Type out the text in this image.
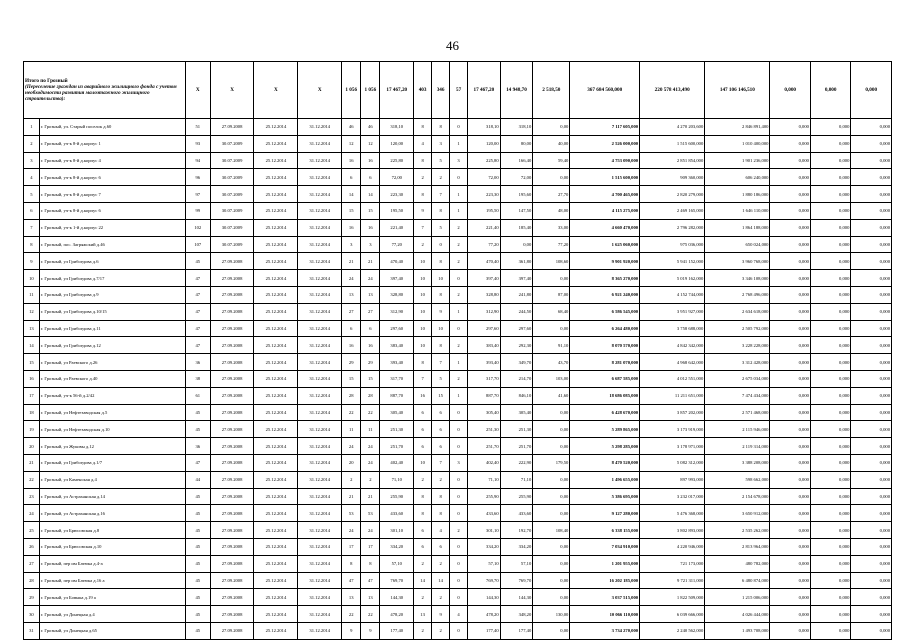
46
Итого по Грозный
(Переселение граждан из аварийного жилищного фонда с учетом необходимости развития малоэтажного жилищного строительства):		X	X	X	X	1 056	1 056	17 467,20	403	346	57	17 467,20	14 948,70	2 518,50	367 684 560,000	220 578 413,490	147 106 146,510	0,000	0,000	0,000
1	г. Грозный, ул. Старый поселок д.60	51	27.09.2008	25.12.2014	31.12.2014	46	46	318,10	8	8	0	318,10	318,10	0,00	7 117 605,000	4 270 203,600	2 846 891,400	0,000	0,000	0,000
2	г. Грозный, уч-к 8-й д.корпус 1	93	30.07.2009	25.12.2014	31.12.2014	12	12	120,00	4	3	1	120,00	80,00	40,00	2 526 000,000	1 515 600,000	1 010 400,000	0,000	0,000	0,000
3	г. Грозный, уч-к 8-й д.корпус 4	94	30.07.2009	25.12.2014	31.12.2014	16	16	225,80	8	5	3	225,80	166,40	59,40	4 753 090,000	2 851 854,000	1 901 236,000	0,000	0,000	0,000
4	г. Грозный, уч-к 8-й д.корпус 6	96	30.07.2009	25.12.2014	31.12.2014	6	6	72,00	2	2	0	72,00	72,00	0,00	1 515 600,000	909 360,000	606 240,000	0,000	0,000	0,000
5	г. Грозный, уч-к 8-й д.корпус 7	97	30.07.2009	25.12.2014	31.12.2014	14	14	223,30	8	7	1	223,30	195,60	27,70	4 700 465,000	2 820 279,000	1 880 186,000	0,000	0,000	0,000
6	г. Грозный, уч-к 8-й д.корпус 6	99	30.07.2009	25.12.2014	31.12.2014	15	15	195,50	9	8	1	195,50	147,50	48,00	4 115 275,000	2 469 165,000	1 646 110,000	0,000	0,000	0,000
7	г. Грозный, уч-к 1-й д.корпус 22	102	30.07.2009	25.12.2014	31.12.2014	16	16	221,40	7	5	2	221,40	185,40	33,00	4 660 470,000	2 796 282,000	1 864 188,000	0,000	0,000	0,000
8	г. Грозный, пос. Загряжский д.46	107	30.07.2009	25.12.2014	31.12.2014	3	3	77,20	2	0	2	77,20	0,00	77,20	1 625 060,000	975 036,000	650 024,000	0,000	0,000	0,000
9	г. Грозный, ул Грибоедова д.6	45	27.09.2008	25.12.2014	31.12.2014	21	21	470,40	10	8	2	470,40	361,80	108,60	9 901 920,000	5 941 152,000	3 960 768,000	0,000	0,000	0,000
10	г. Грозный, ул Грибоедова д.7/17	47	27.09.2008	25.12.2014	31.12.2014	24	24	397,40	10	10	0	397,40	397,40	0,00	8 365 270,000	5 019 162,000	3 346 108,000	0,000	0,000	0,000
11	г. Грозный, ул Грибоедова д.9	47	27.09.2008	25.12.2014	31.12.2014	13	13	328,80	10	8	2	328,80	241,80	87,00	6 921 240,000	4 152 744,000	2 768 496,000	0,000	0,000	0,000
12	г. Грозный, ул Грибоедова д.10/15	47	27.09.2008	25.12.2014	31.12.2014	27	27	312,90	10	9	1	312,90	244,50	68,40	6 586 545,000	3 951 927,000	2 634 618,000	0,000	0,000	0,000
13	г. Грозный, ул Грибоедова д.11	47	27.09.2008	25.12.2014	31.12.2014	6	6	297,60	10	10	0	297,60	297,60	0,00	6 264 480,000	3 758 688,000	2 505 792,000	0,000	0,000	0,000
14	г. Грозный, ул Грибоедова д.12	47	27.09.2008	25.12.2014	31.12.2014	16	16	383,40	10	8	2	383,40	292,30	91,10	8 070 570,000	4 842 342,000	3 228 228,000	0,000	0,000	0,000
15	г. Грозный, ул Раевского д.26	36	27.09.2008	25.12.2014	31.12.2014	29	29	393,40	8	7	1	393,40	349,70	43,70	8 281 070,000	4 968 642,000	3 312 428,000	0,000	0,000	0,000
16	г. Грозный, ул Раевского д.40	38	27.09.2008	25.12.2014	31.12.2014	15	15	317,70	7	5	2	317,70	214,70	103,00	6 687 585,000	4 012 551,000	2 675 034,000	0,000	0,000	0,000
17	г. Грозный, уч-к 56-й д.2/42	61	27.09.2008	25.12.2014	31.12.2014	28	28	887,70	16	15	1	887,70	846,10	41,60	18 686 085,000	11 211 651,000	7 474 434,000	0,000	0,000	0,000
18	г. Грозный, ул Нефтезаводская д.5	45	27.09.2008	25.12.2014	31.12.2014	22	22	305,40	6	6	0	305,40	305,40	0,00	6 428 670,000	3 857 202,000	2 571 468,000	0,000	0,000	0,000
19	г. Грозный, ул Нефтезаводская д.10	45	27.09.2008	25.12.2014	31.12.2014	11	11	251,30	6	6	0	251,30	251,30	0,00	5 289 865,000	3 173 919,000	2 115 946,000	0,000	0,000	0,000
20	г. Грозный, ул Жуковы д.12	36	27.09.2008	25.12.2014	31.12.2014	24	24	251,70	6	6	0	251,70	251,70	0,00	5 298 285,000	3 178 971,000	2 119 314,000	0,000	0,000	0,000
21	г. Грозный, ул Грибоедова д.1/7	47	27.09.2008	25.12.2014	31.12.2014	20	24	402,40	10	7	3	402,40	222,90	179,50	8 470 520,000	5 082 312,000	3 388 208,000	0,000	0,000	0,000
22	г. Грозный, ул Каменская д.4	44	27.09.2008	25.12.2014	31.12.2014	2	2	71,10	2	2	0	71,10	71,10	0,00	1 496 655,000	897 993,000	598 662,000	0,000	0,000	0,000
23	г. Грозный, ул Астраханская д.14	45	27.09.2008	25.12.2014	31.12.2014	21	21	255,90	8	8	0	255,90	255,90	0,00	5 386 695,000	3 232 017,000	2 154 678,000	0,000	0,000	0,000
24	г. Грозный, ул Астраханская д.16	45	27.09.2008	25.12.2014	31.12.2014	53	53	433,60	8	8	0	433,60	433,60	0,00	9 127 280,000	5 476 368,000	3 650 912,000	0,000	0,000	0,000
25	г. Грозный, ул Брюсовская д.8	45	27.09.2008	25.12.2014	31.12.2014	24	24	301,10	6	4	2	301,10	192,70	108,40	6 338 155,000	3 802 893,000	2 535 262,000	0,000	0,000	0,000
26	г. Грозный, ул Брюсовская д.10	45	27.09.2008	25.12.2014	31.12.2014	17	17	334,20	6	6	0	334,20	334,20	0,00	7 034 910,000	4 220 946,000	2 813 964,000	0,000	0,000	0,000
27	г. Грозный, пер им Батюка д.4-а	45	27.09.2008	25.12.2014	31.12.2014	8	8	57,10	2	2	0	57,10	57,10	0,00	1 201 955,000	721 173,000	480 782,000	0,000	0,000	0,000
28	г. Грозный, пер им Батюка д.16 а	45	27.09.2008	25.12.2014	31.12.2014	47	47	769,70	14	14	0	769,70	769,70	0,00	16 202 185,000	9 721 311,000	6 480 874,000	0,000	0,000	0,000
29	г. Грозный, ул Бовыка д.19 а	45	27.09.2008	25.12.2014	31.12.2014	13	13	144,30	2	2	0	144,30	144,30	0,00	3 037 515,000	1 822 509,000	1 215 006,000	0,000	0,000	0,000
30	г. Грозный, ул Донецкая д.4	45	27.09.2008	25.12.2014	31.12.2014	22	22	478,20	13	9	4	478,20	348,20	130,00	10 066 110,000	6 039 666,000	4 026 444,000	0,000	0,000	0,000
31	г. Грозный, ул Донецкая д.65	45	27.09.2008	25.12.2014	31.12.2014	9	9	177,40	2	2	0	177,40	177,40	0,00	3 734 270,000	2 240 562,000	1 493 708,000	0,000	0,000	0,000
